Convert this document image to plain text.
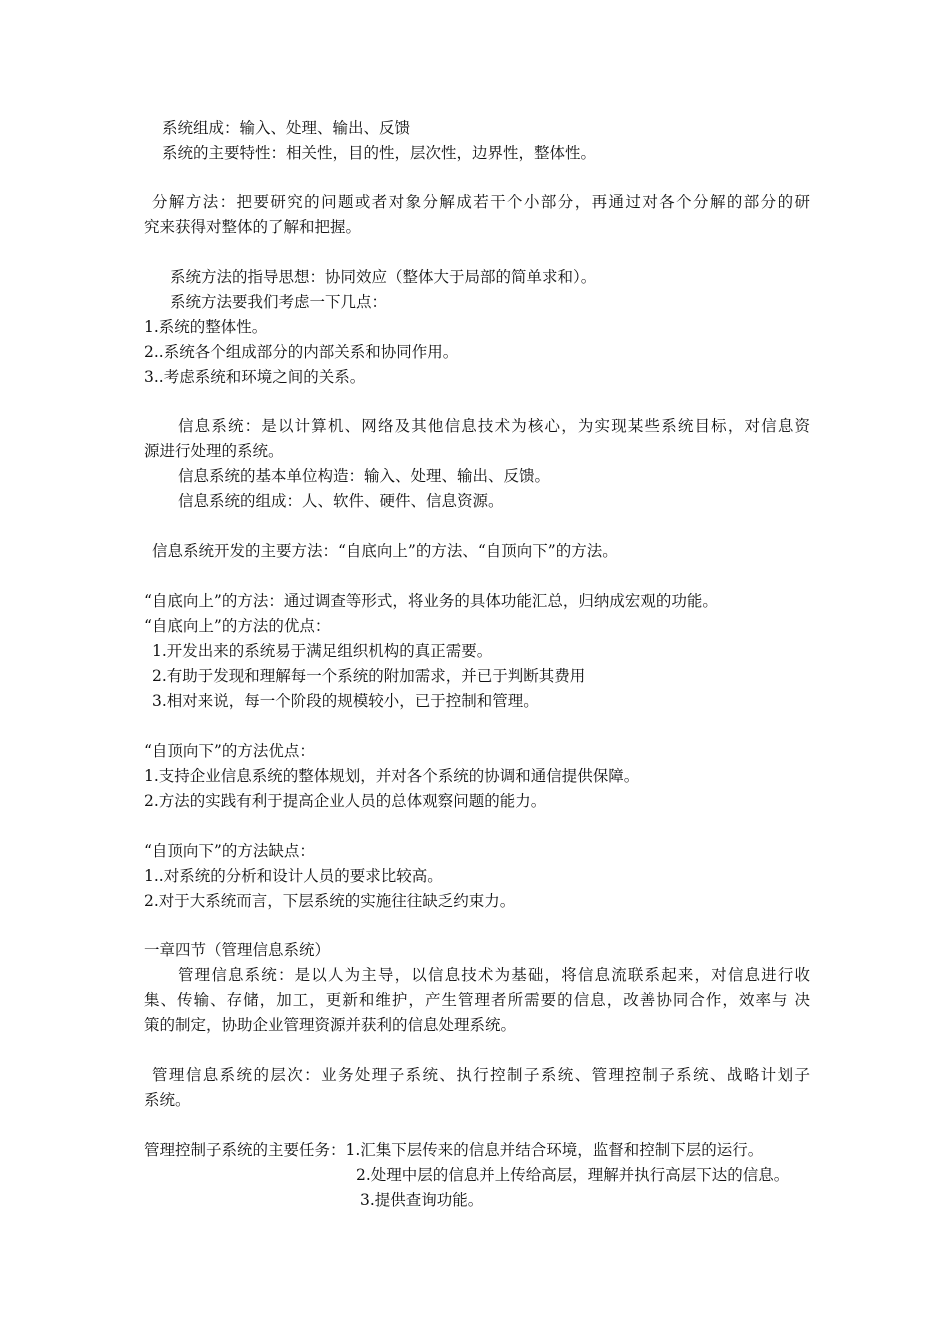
系统组成：输入、处理、输出、反馈
系统的主要特性：相关性，目的性，层次性，边界性，整体性。
分解方法：把要研究的问题或者对象分解成若干个小部分，再通过对各个分解的部分的研
究来获得对整体的了解和把握。
系统方法的指导思想：协同效应（整体大于局部的简单求和）。
系统方法要我们考虑一下几点：
1.系统的整体性。
2..系统各个组成部分的内部关系和协同作用。
3..考虑系统和环境之间的关系。
信息系统：是以计算机、网络及其他信息技术为核心，为实现某些系统目标，对信息资
源进行处理的系统。
信息系统的基本单位构造：输入、处理、输出、反馈。
信息系统的组成：人、软件、硬件、信息资源。
信息系统开发的主要方法：“自底向上”的方法、“自顶向下”的方法。
“自底向上”的方法：通过调查等形式，将业务的具体功能汇总，归纳成宏观的功能。
“自底向上”的方法的优点：
1.开发出来的系统易于满足组织机构的真正需要。
2.有助于发现和理解每一个系统的附加需求，并已于判断其费用
3.相对来说，每一个阶段的规模较小，已于控制和管理。
“自顶向下”的方法优点：
1.支持企业信息系统的整体规划，并对各个系统的协调和通信提供保障。
2.方法的实践有利于提高企业人员的总体观察问题的能力。
“自顶向下”的方法缺点：
1..对系统的分析和设计人员的要求比较高。
2.对于大系统而言，下层系统的实施往往缺乏约束力。
一章四节（管理信息系统）
管理信息系统：是以人为主导，以信息技术为基础，将信息流联系起来，对信息进行收
集、传输、存储，加工，更新和维护，产生管理者所需要的信息，改善协同合作，效率与 决
策的制定，协助企业管理资源并获利的信息处理系统。
管理信息系统的层次：业务处理子系统、执行控制子系统、管理控制子系统、战略计划子
系统。
管理控制子系统的主要任务：1.汇集下层传来的信息并结合环境，监督和控制下层的运行。
2.处理中层的信息并上传给高层，理解并执行高层下达的信息。
3.提供查询功能。
